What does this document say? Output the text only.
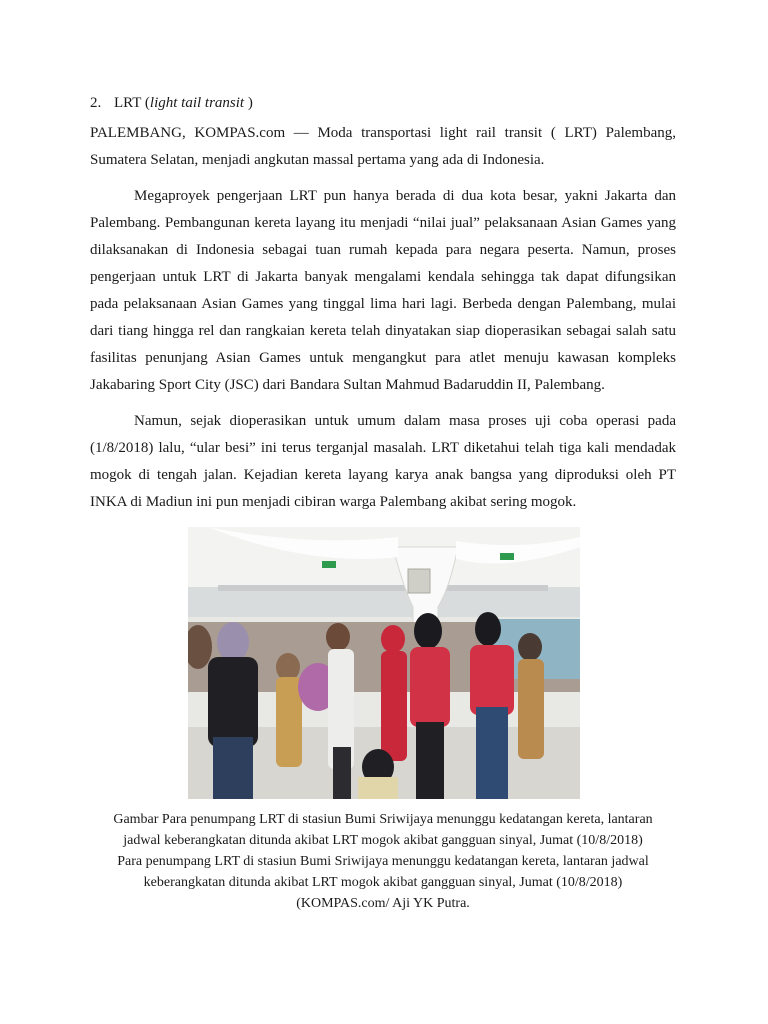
2. LRT (light tail transit )
PALEMBANG, KOMPAS.com — Moda transportasi light rail transit ( LRT) Palembang, Sumatera Selatan, menjadi angkutan massal pertama yang ada di Indonesia.

Megaproyek pengerjaan LRT pun hanya berada di dua kota besar, yakni Jakarta dan Palembang. Pembangunan kereta layang itu menjadi “nilai jual” pelaksanaan Asian Games yang dilaksanakan di Indonesia sebagai tuan rumah kepada para negara peserta. Namun, proses pengerjaan untuk LRT di Jakarta banyak mengalami kendala sehingga tak dapat difungsikan pada pelaksanaan Asian Games yang tinggal lima hari lagi. Berbeda dengan Palembang, mulai dari tiang hingga rel dan rangkaian kereta telah dinyatakan siap dioperasikan sebagai salah satu fasilitas penunjang Asian Games untuk mengangkut para atlet menuju kawasan kompleks Jakabaring Sport City (JSC) dari Bandara Sultan Mahmud Badaruddin II, Palembang.

Namun, sejak dioperasikan untuk umum dalam masa proses uji coba operasi pada (1/8/2018) lalu, “ular besi” ini terus terganjal masalah. LRT diketahui telah tiga kali mendadak mogok di tengah jalan. Kejadian kereta layang karya anak bangsa yang diproduksi oleh PT INKA di Madiun ini pun menjadi cibiran warga Palembang akibat sering mogok.

Gambar Para penumpang LRT di stasiun Bumi Sriwijaya menunggu kedatangan kereta, lantaran
jadwal keberangkatan ditunda akibat LRT mogok akibat gangguan sinyal, Jumat (10/8/2018)
Para penumpang LRT di stasiun Bumi Sriwijaya menunggu kedatangan kereta, lantaran jadwal
keberangkatan ditunda akibat LRT mogok akibat gangguan sinyal, Jumat (10/8/2018)
(KOMPAS.com/ Aji YK Putra.
